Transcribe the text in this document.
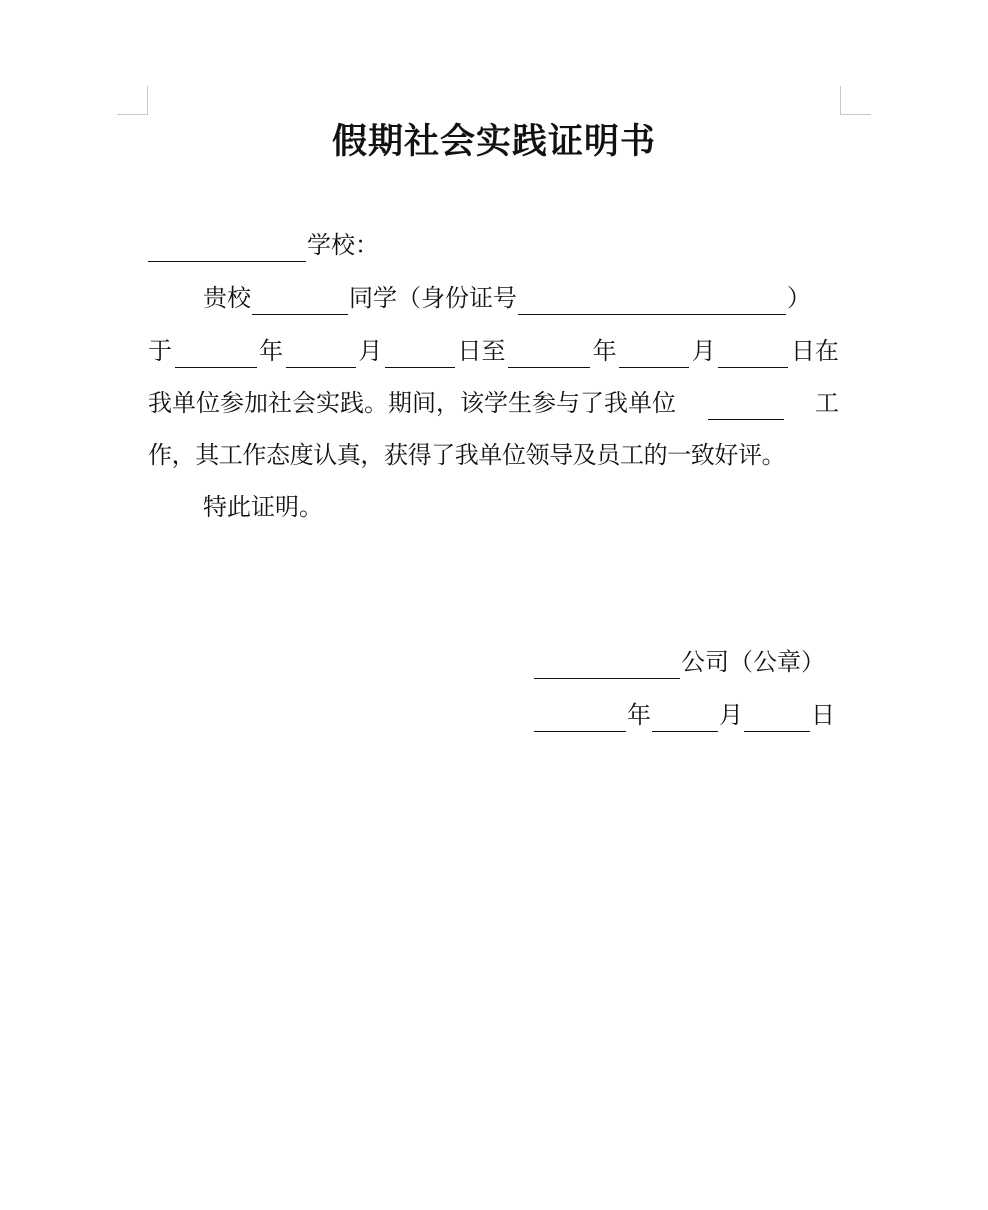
假期社会实践证明书
学校：
贵校	同学（身份证号	）
于	年	月	日至	年	月	日在
我单位参加社会实践。期间，该学生参与了我单位	工
作，其工作态度认真，获得了我单位领导及员工的一致好评。
特此证明。
公司（公章）
年	月	日
